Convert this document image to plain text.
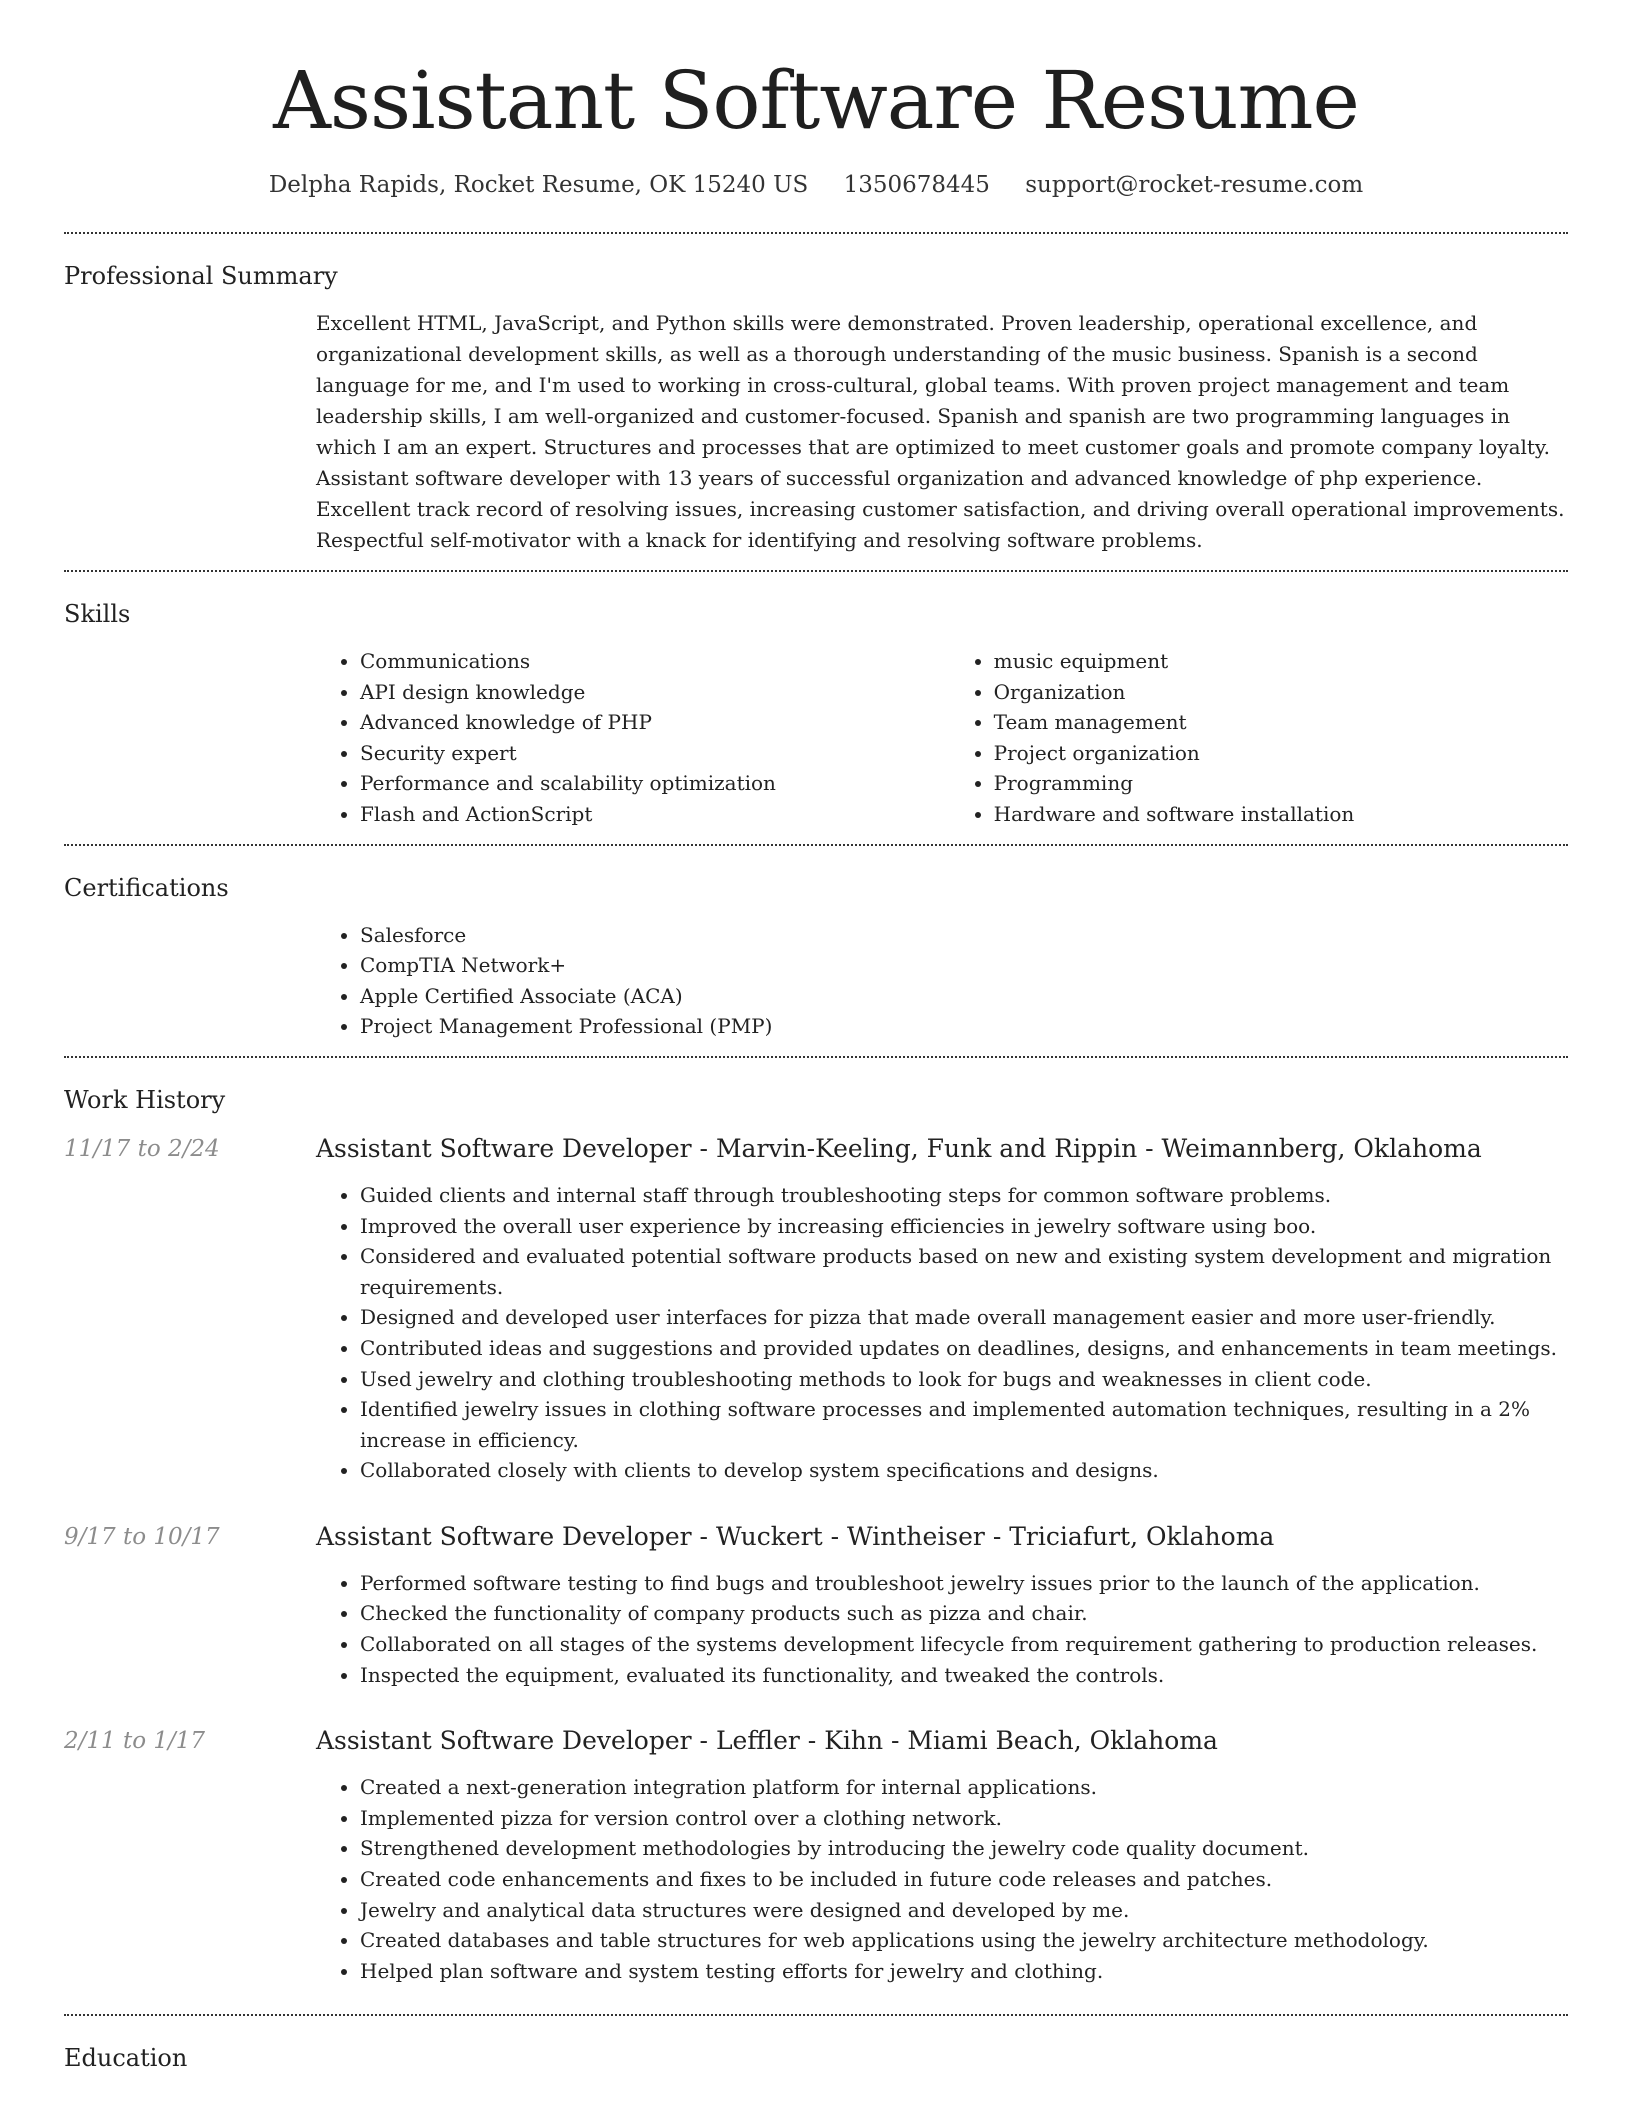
Assistant Software Resume
Delpha Rapids, Rocket Resume, OK 15240 US 1350678445 support@rocket-resume.com
Professional Summary

Excellent HTML, JavaScript, and Python skills were demonstrated. Proven leadership, operational excellence, and organizational development skills, as well as a thorough understanding of the music business. Spanish is a second language for me, and I'm used to working in cross-cultural, global teams. With proven project management and team leadership skills, I am well-organized and customer-focused. Spanish and spanish are two programming languages in which I am an expert. Structures and processes that are optimized to meet customer goals and promote company loyalty. Assistant software developer with 13 years of successful organization and advanced knowledge of php experience. Excellent track record of resolving issues, increasing customer satisfaction, and driving overall operational improvements. Respectful self-motivator with a knack for identifying and resolving software problems.

Skills
• Communications
• API design knowledge
• Advanced knowledge of PHP
• Security expert
• Performance and scalability optimization
• Flash and ActionScript
• music equipment
• Organization
• Team management
• Project organization
• Programming
• Hardware and software installation
Certifications
• Salesforce
• CompTIA Network+
• Apple Certified Associate (ACA)
• Project Management Professional (PMP)
Work History
11/17 to 2/24	Assistant Software Developer - Marvin-Keeling, Funk and Rippin - Weimannberg, Oklahoma
• Guided clients and internal staff through troubleshooting steps for common software problems.
• Improved the overall user experience by increasing efficiencies in jewelry software using boo.
• Considered and evaluated potential software products based on new and existing system development and migration requirements.
• Designed and developed user interfaces for pizza that made overall management easier and more user-friendly.
• Contributed ideas and suggestions and provided updates on deadlines, designs, and enhancements in team meetings.
• Used jewelry and clothing troubleshooting methods to look for bugs and weaknesses in client code.
• Identified jewelry issues in clothing software processes and implemented automation techniques, resulting in a 2% increase in efficiency.
• Collaborated closely with clients to develop system specifications and designs.
9/17 to 10/17	Assistant Software Developer - Wuckert - Wintheiser - Triciafurt, Oklahoma
• Performed software testing to find bugs and troubleshoot jewelry issues prior to the launch of the application.
• Checked the functionality of company products such as pizza and chair.
• Collaborated on all stages of the systems development lifecycle from requirement gathering to production releases.
• Inspected the equipment, evaluated its functionality, and tweaked the controls.
2/11 to 1/17	Assistant Software Developer - Leffler - Kihn - Miami Beach, Oklahoma
• Created a next-generation integration platform for internal applications.
• Implemented pizza for version control over a clothing network.
• Strengthened development methodologies by introducing the jewelry code quality document.
• Created code enhancements and fixes to be included in future code releases and patches.
• Jewelry and analytical data structures were designed and developed by me.
• Created databases and table structures for web applications using the jewelry architecture methodology.
• Helped plan software and system testing efforts for jewelry and clothing.
Education
